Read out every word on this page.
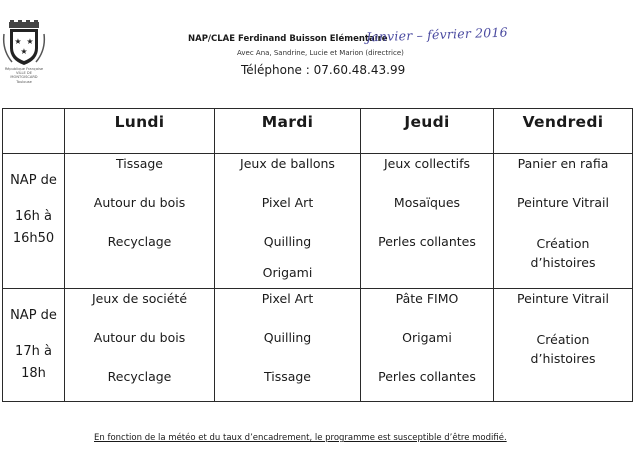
★ ★
★
République Française
VILLE DE MONTGISCARD
Toulouse
NAP/CLAE Ferdinand Buisson Elémentaire
Janvier – février 2016
Avec Ana, Sandrine, Lucie et Marion (directrice)
Téléphone : 07.60.48.43.99
	Lundi	Mardi	Jeudi	Vendredi

NAP de
16h à
16h50	Tissage
Autour du bois
Recyclage	Jeux de ballons
Pixel Art
Quilling
Origami	Jeux collectifs
Mosaïques
Perles collantes	Panier en rafia
Peinture Vitrail
Création d’histoires

NAP de
17h à
18h	Jeux de société
Autour du bois
Recyclage	Pixel Art
Quilling
Tissage	Pâte FIMO
Origami
Perles collantes	Peinture Vitrail
Création d’histoires
En fonction de la météo et du taux d’encadrement, le programme est susceptible d’être modifié.
